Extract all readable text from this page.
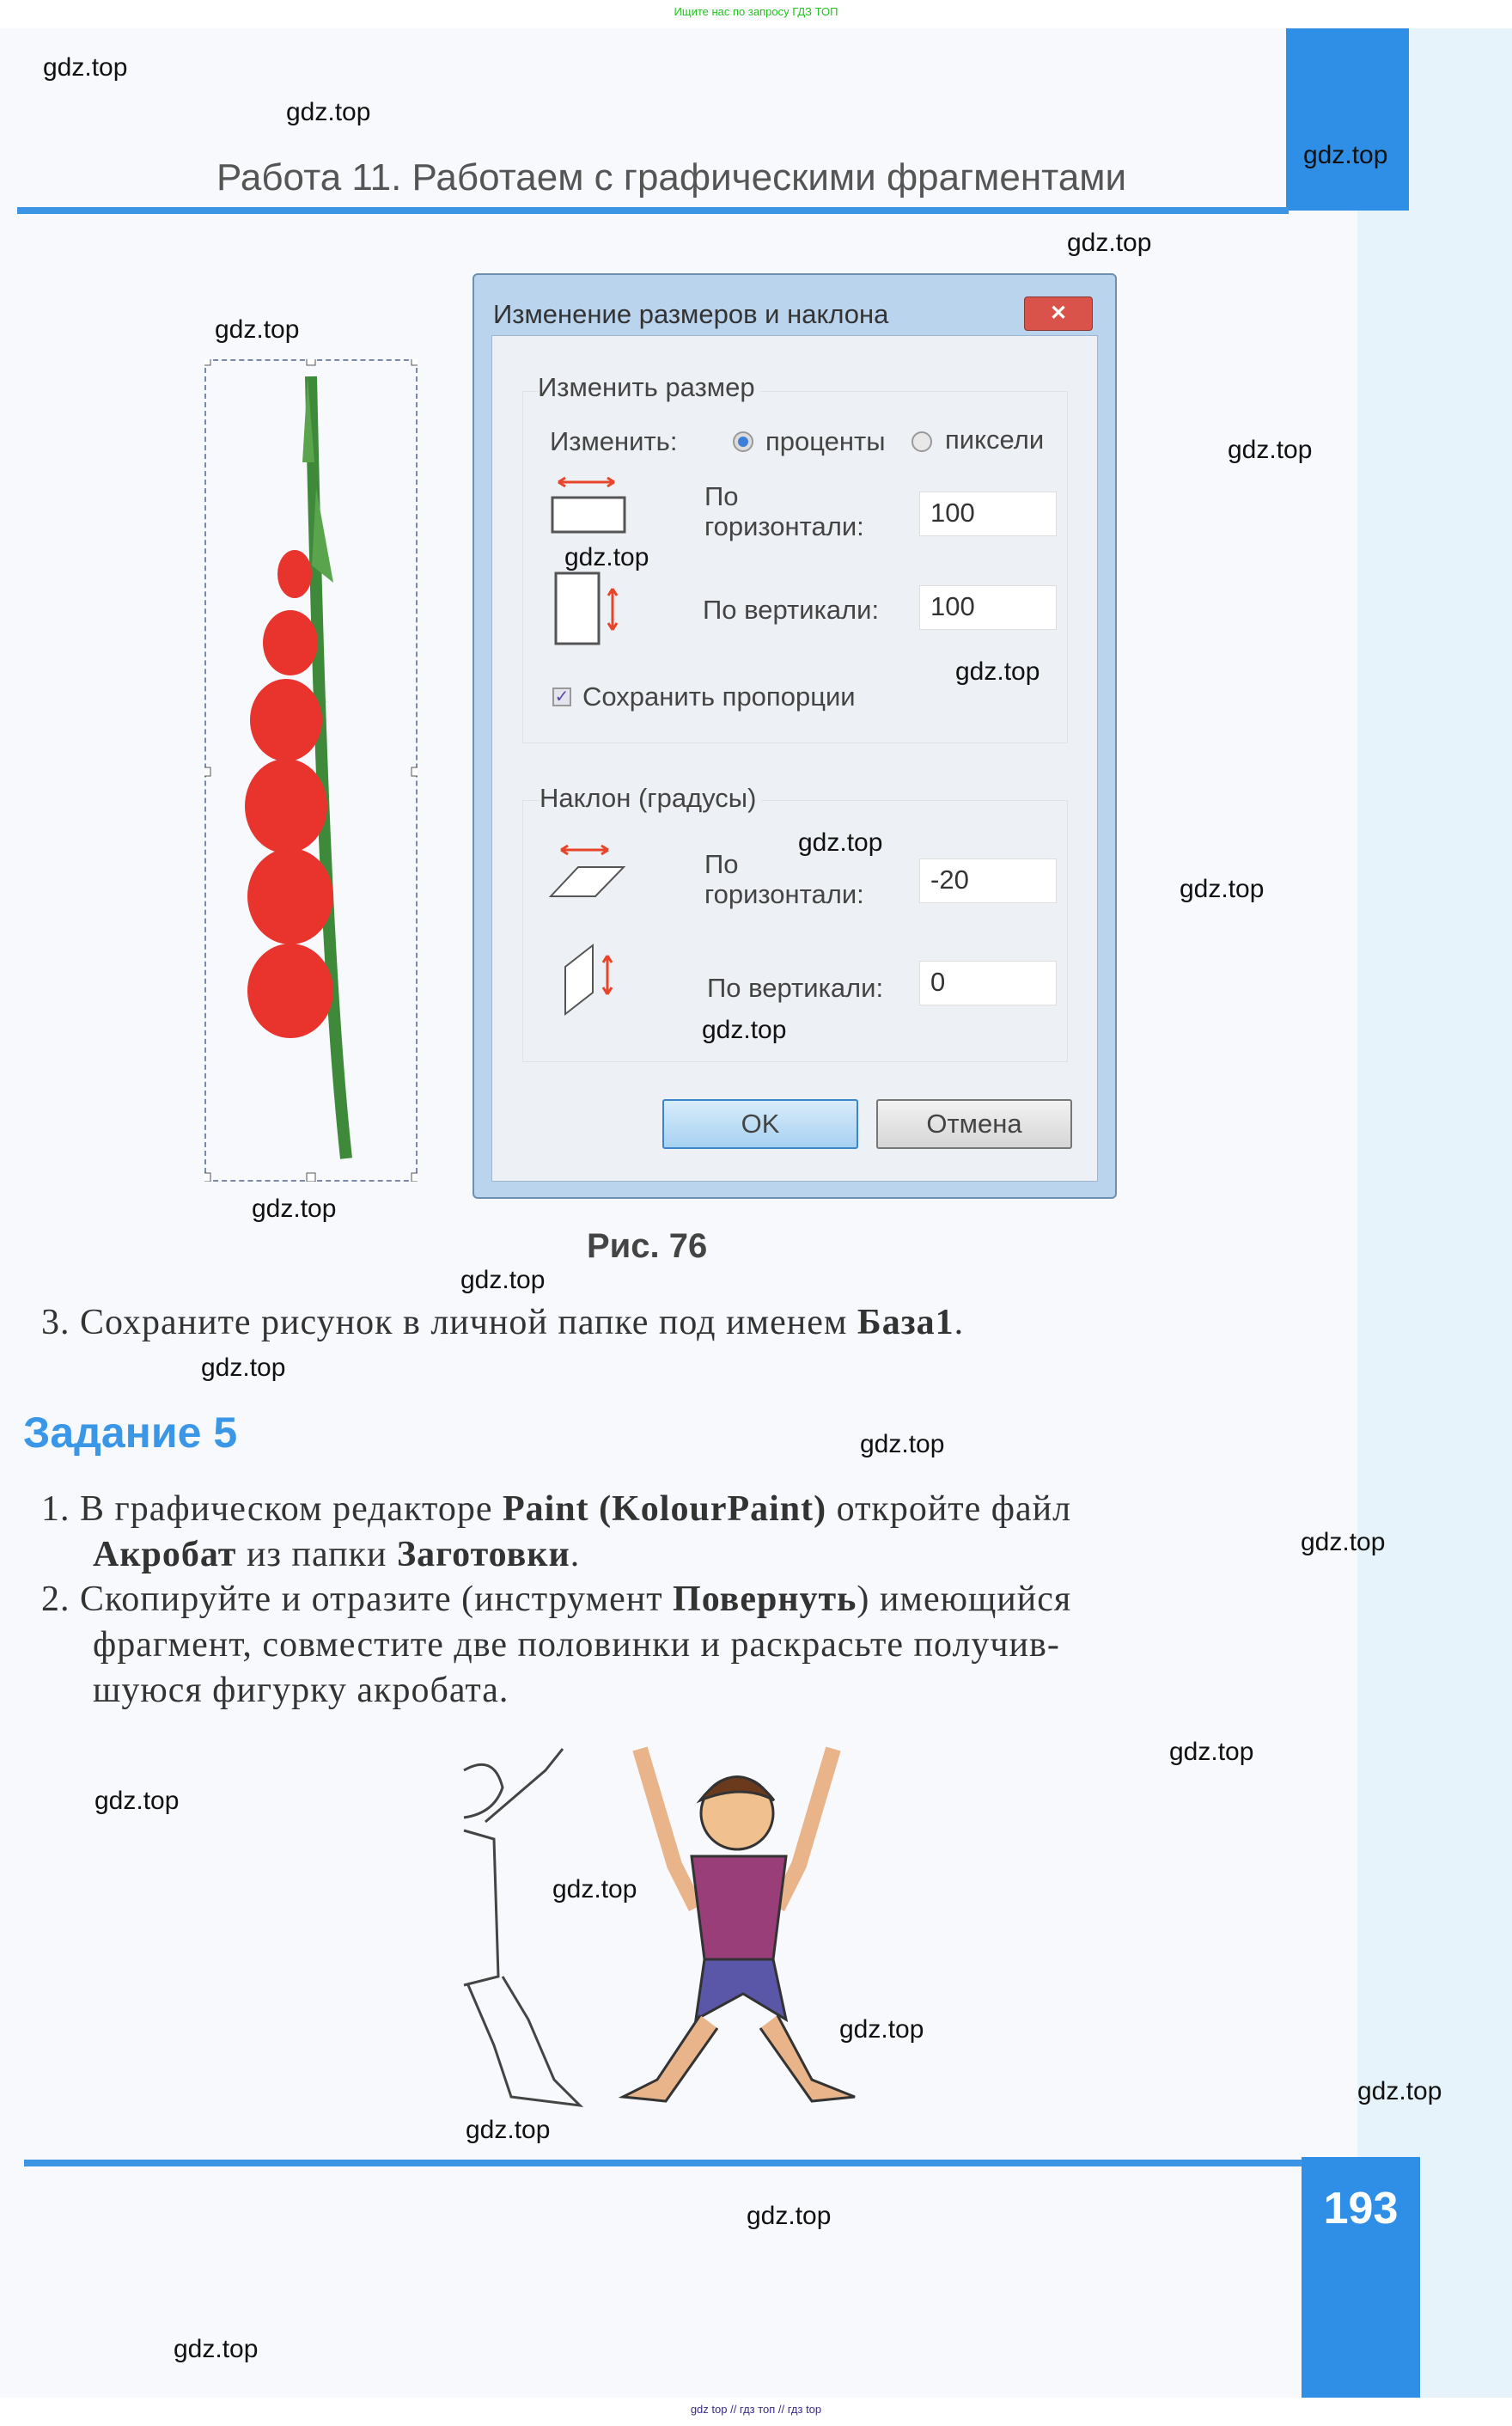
Ищите нас по запросу ГДЗ ТОП
Работа 11. Работаем с графическими фрагментами
Изменение размеров и наклона	✕
Изменить размер
Изменить:	проценты пиксели
По
горизонтали:	100
По вертикали:	100
✓ Сохранить пропорции
Наклон (градусы)
По
горизонтали:	-20
По вертикали:	0
OK	Отмена
Рис. 76
3. Сохраните рисунок в личной папке под именем База1.
Задание 5
1. В графическом редакторе Paint (KolourPaint) откройте файл
Акробат из папки Заготовки.
2. Скопируйте и отразите (инструмент Повернуть) имеющийся
фрагмент, совместите две половинки и раскрасьте получив-
шуюся фигурку акробата.
193
gdz top // гдз топ // гдз top
gdz.top
gdz.top
gdz.top
gdz.top
gdz.top
gdz.top
gdz.top
gdz.top
gdz.top
gdz.top
gdz.top
gdz.top
gdz.top
gdz.top
gdz.top
gdz.top
gdz.top
gdz.top
gdz.top
gdz.top
gdz.top
gdz.top
gdz.top
gdz.top
